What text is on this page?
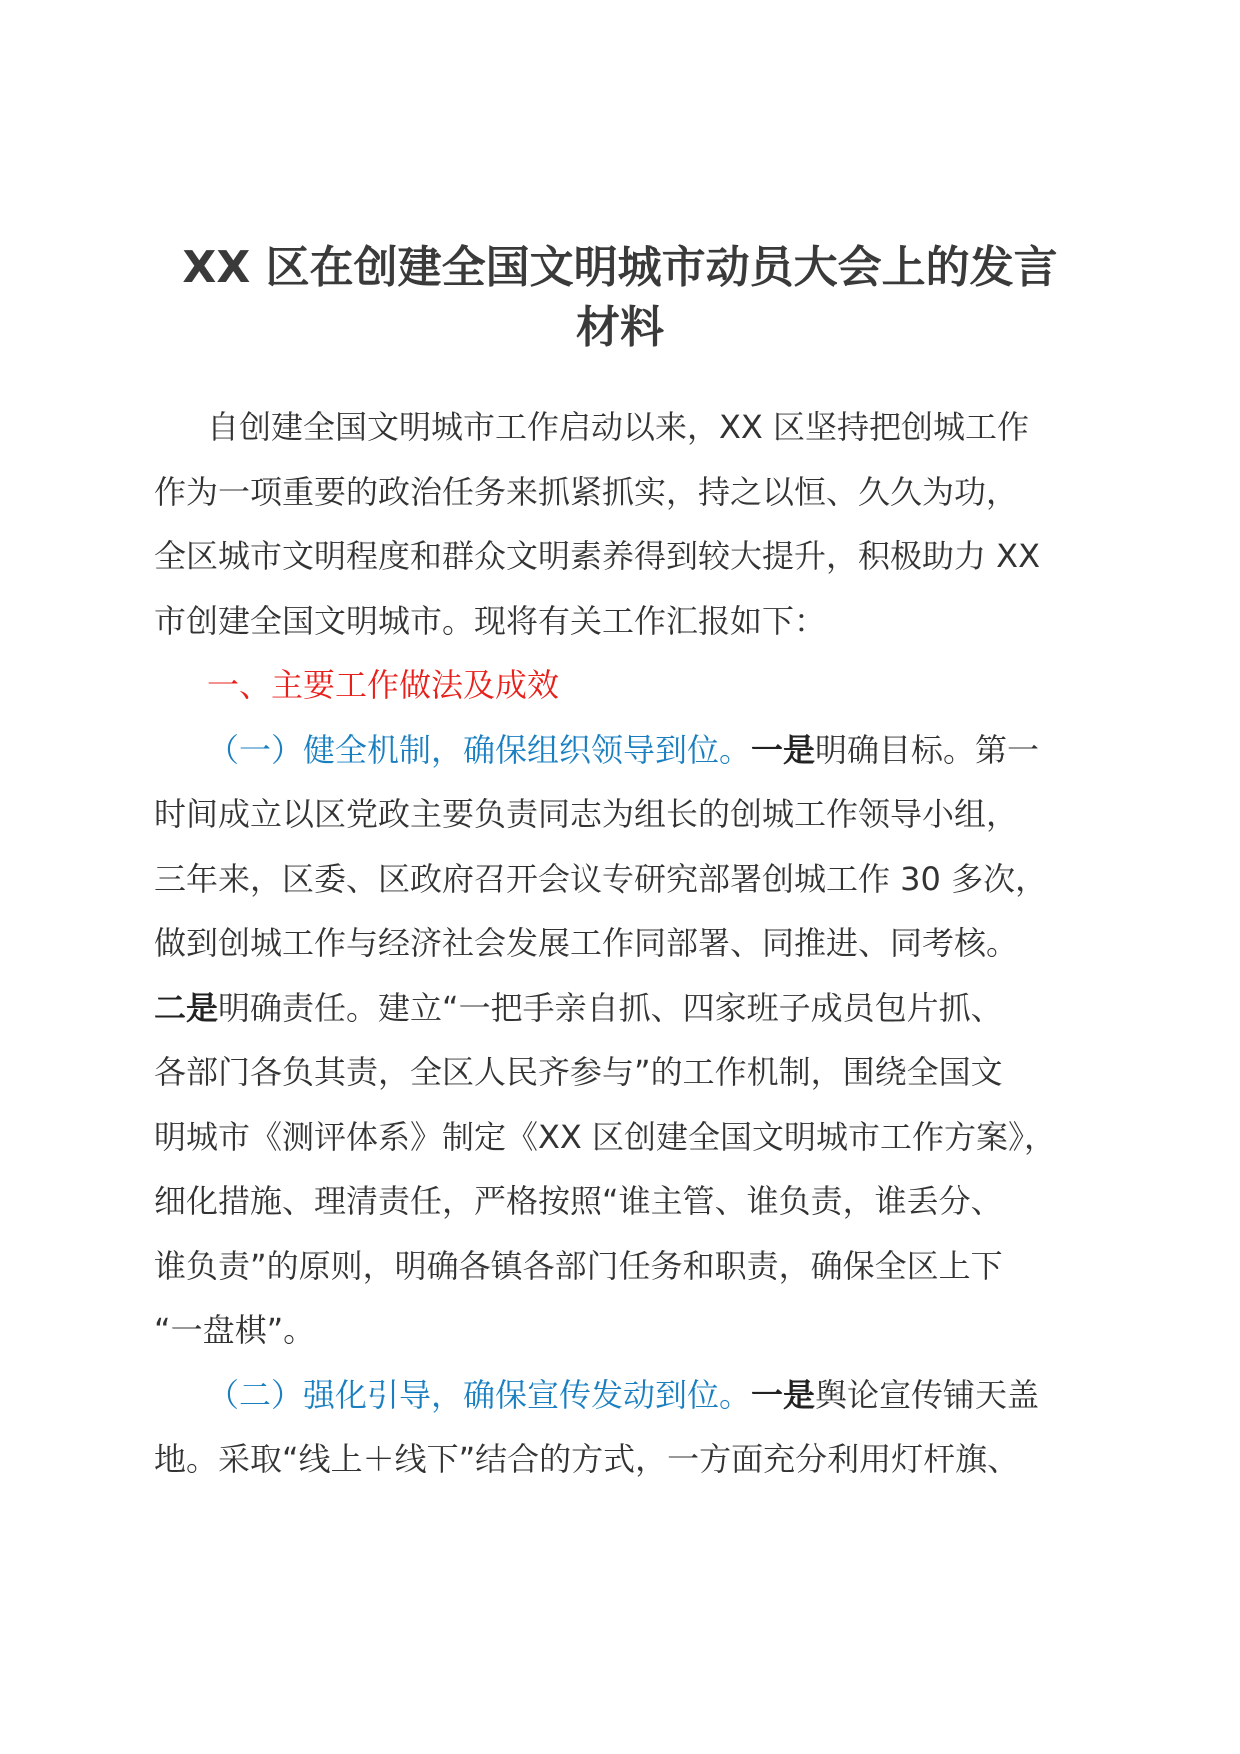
XX 区在创建全国文明城市动员大会上的发言
材料
自创建全国文明城市工作启动以来，XX 区坚持把创城工作
作为一项重要的政治任务来抓紧抓实，持之以恒、久久为功，
全区城市文明程度和群众文明素养得到较大提升，积极助力 XX
市创建全国文明城市。现将有关工作汇报如下：
一、主要工作做法及成效
（一）健全机制，确保组织领导到位。一是明确目标。第一
时间成立以区党政主要负责同志为组长的创城工作领导小组，
三年来，区委、区政府召开会议专研究部署创城工作 30 多次，
做到创城工作与经济社会发展工作同部署、同推进、同考核。
二是明确责任。建立“一把手亲自抓、四家班子成员包片抓、
各部门各负其责，全区人民齐参与”的工作机制，围绕全国文
明城市《测评体系》制定《XX 区创建全国文明城市工作方案》，
细化措施、理清责任，严格按照“谁主管、谁负责，谁丢分、
谁负责”的原则，明确各镇各部门任务和职责，确保全区上下
“一盘棋”。
（二）强化引导，确保宣传发动到位。一是舆论宣传铺天盖
地。采取“线上＋线下”结合的方式，一方面充分利用灯杆旗、
